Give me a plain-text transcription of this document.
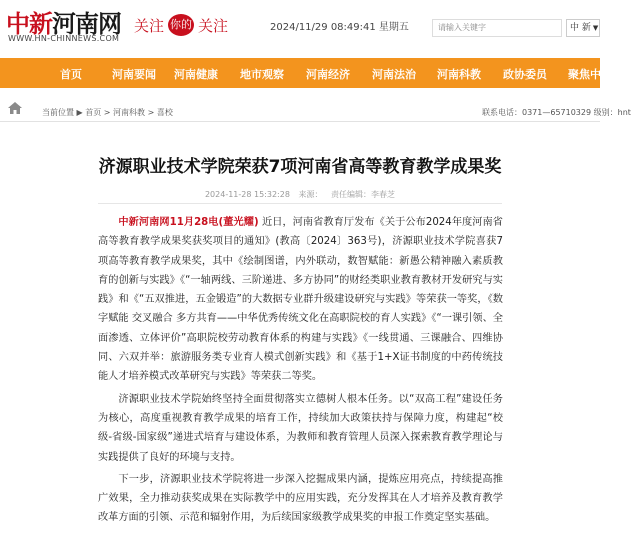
中新河南网
WWW.HN-CHINNEWS.COM
关注 你的 关注	2024/11/29 08:49:41 星期五	请输入关键字	中 新 ▼
首页	河南要闻 河南健康 地市观察 河南经济 河南法治 河南科教 政协委员 聚焦中
当前位置 ▶ 首页 > 河南科教 > 喜校	联系电话：0371—65710329 级别：hnt
济源职业技术学院荣获7项河南省高等教育教学成果奖
2024-11-28 15:32:28 来源： 责任编辑：李春芝

中新河南网11月28电(董光耀) 近日，河南省教育厅发布《关于公布2024年度河南省高等教育教学成果奖获奖项目的通知》(教高〔2024〕363号)，济源职业技术学院喜获7项高等教育教学成果奖，其中《绘制图谱，内外联动，数智赋能：新愚公精神融入素质教育的创新与实践》《“一轴两线、三阶递进、多方协同”的财经类职业教育教材开发研究与实践》和《“五双推进，五金锻造”的大数据专业群升级建设研究与实践》等荣获一等奖，《数字赋能 交叉融合 多方共育——中华优秀传统文化在高职院校的育人实践》《“一课引领、全面渗透、立体评价”高职院校劳动教育体系的构建与实践》《一线贯通、三课融合、四维协同、六双并举：旅游服务类专业育人模式创新实践》和《基于1+X证书制度的中药传统技能人才培养模式改革研究与实践》等荣获二等奖。

济源职业技术学院始终坚持全面贯彻落实立德树人根本任务。以“双高工程”建设任务为核心，高度重视教育教学成果的培育工作，持续加大政策扶持与保障力度，构建起“校级-省级-国家级”递进式培育与建设体系，为教师和教育管理人员深入探索教育教学理论与实践提供了良好的环境与支持。

下一步，济源职业技术学院将进一步深入挖掘成果内涵，提炼应用亮点，持续提高推广效果，全力推动获奖成果在实际教学中的应用实践，充分发挥其在人才培养及教育教学改革方面的引领、示范和辐射作用，为后续国家级教学成果奖的申报工作奠定坚实基础。
